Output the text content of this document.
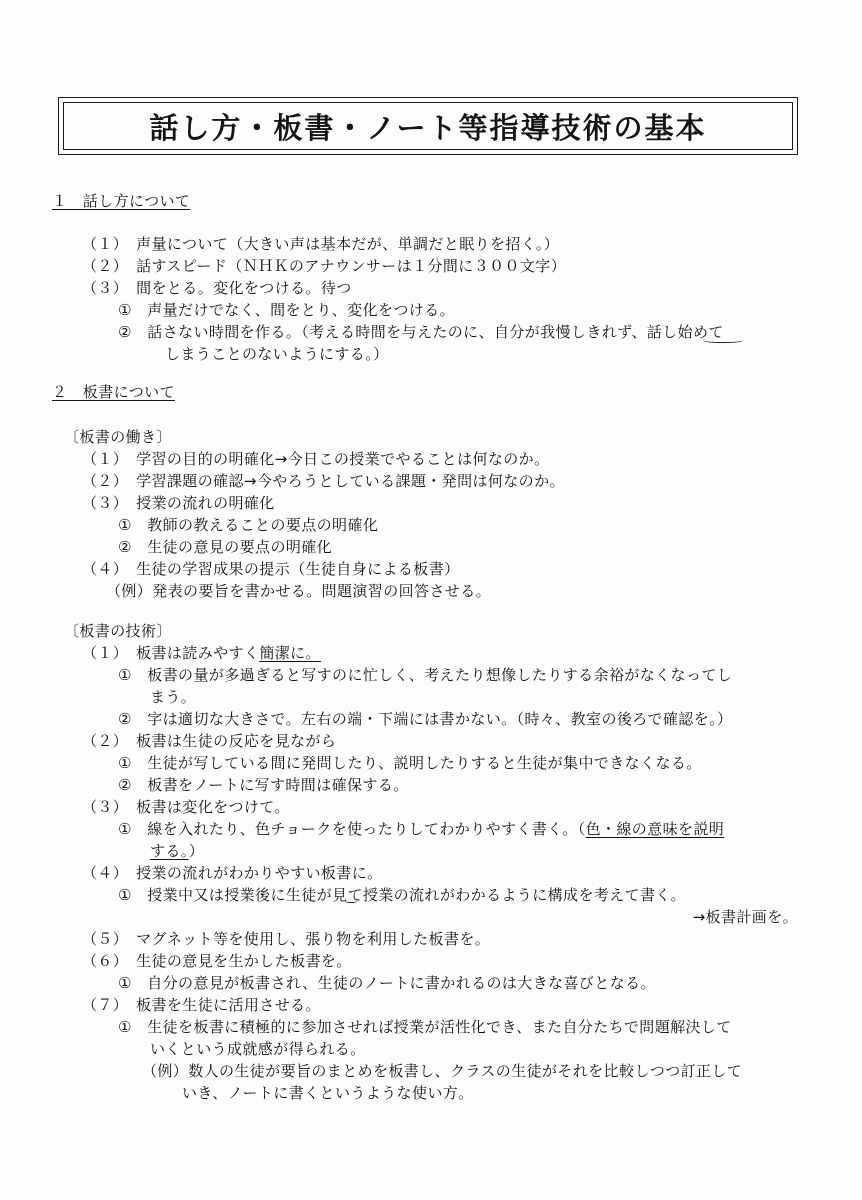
話し方・板書・ノート等指導技術の基本
１　話し方について
（１）　声量について（大きい声は基本だが、単調だと眠りを招く。）
（２）　話すスピード（ＮＨＫのアナウンサーは１分間に３００文字）
（３）　間をとる。変化をつける。待つ
①　声量だけでなく、間をとり、変化をつける。
②　話さない時間を作る。（考える時間を与えたのに、自分が我慢しきれず、話し始めて
しまうことのないようにする。）
２　板書について
〔板書の働き〕
（１）　学習の目的の明確化→今日この授業でやることは何なのか。
（２）　学習課題の確認→今やろうとしている課題・発問は何なのか。
（３）　授業の流れの明確化
①　教師の教えることの要点の明確化
②　生徒の意見の要点の明確化
（４）　生徒の学習成果の提示（生徒自身による板書）
（例）発表の要旨を書かせる。問題演習の回答させる。
〔板書の技術〕
（１）　板書は読みやすく簡潔に。
①　板書の量が多過ぎると写すのに忙しく、考えたり想像したりする余裕がなくなってし
まう。
②　字は適切な大きさで。左右の端・下端には書かない。（時々、教室の後ろで確認を。）
（２）　板書は生徒の反応を見ながら
①　生徒が写している間に発問したり、説明したりすると生徒が集中できなくなる。
②　板書をノートに写す時間は確保する。
（３）　板書は変化をつけて。
①　線を入れたり、色チョークを使ったりしてわかりやすく書く。（色・線の意味を説明
する。）
（４）　授業の流れがわかりやすい板書に。
①　授業中又は授業後に生徒が見て授業の流れがわかるように構成を考えて書く。
→板書計画を。
（５）　マグネット等を使用し、張り物を利用した板書を。
（６）　生徒の意見を生かした板書を。
①　自分の意見が板書され、生徒のノートに書かれるのは大きな喜びとなる。
（７）　板書を生徒に活用させる。
①　生徒を板書に積極的に参加させれば授業が活性化でき、また自分たちで問題解決して
いくという成就感が得られる。
（例）数人の生徒が要旨のまとめを板書し、クラスの生徒がそれを比較しつつ訂正して
いき、ノートに書くというような使い方。
